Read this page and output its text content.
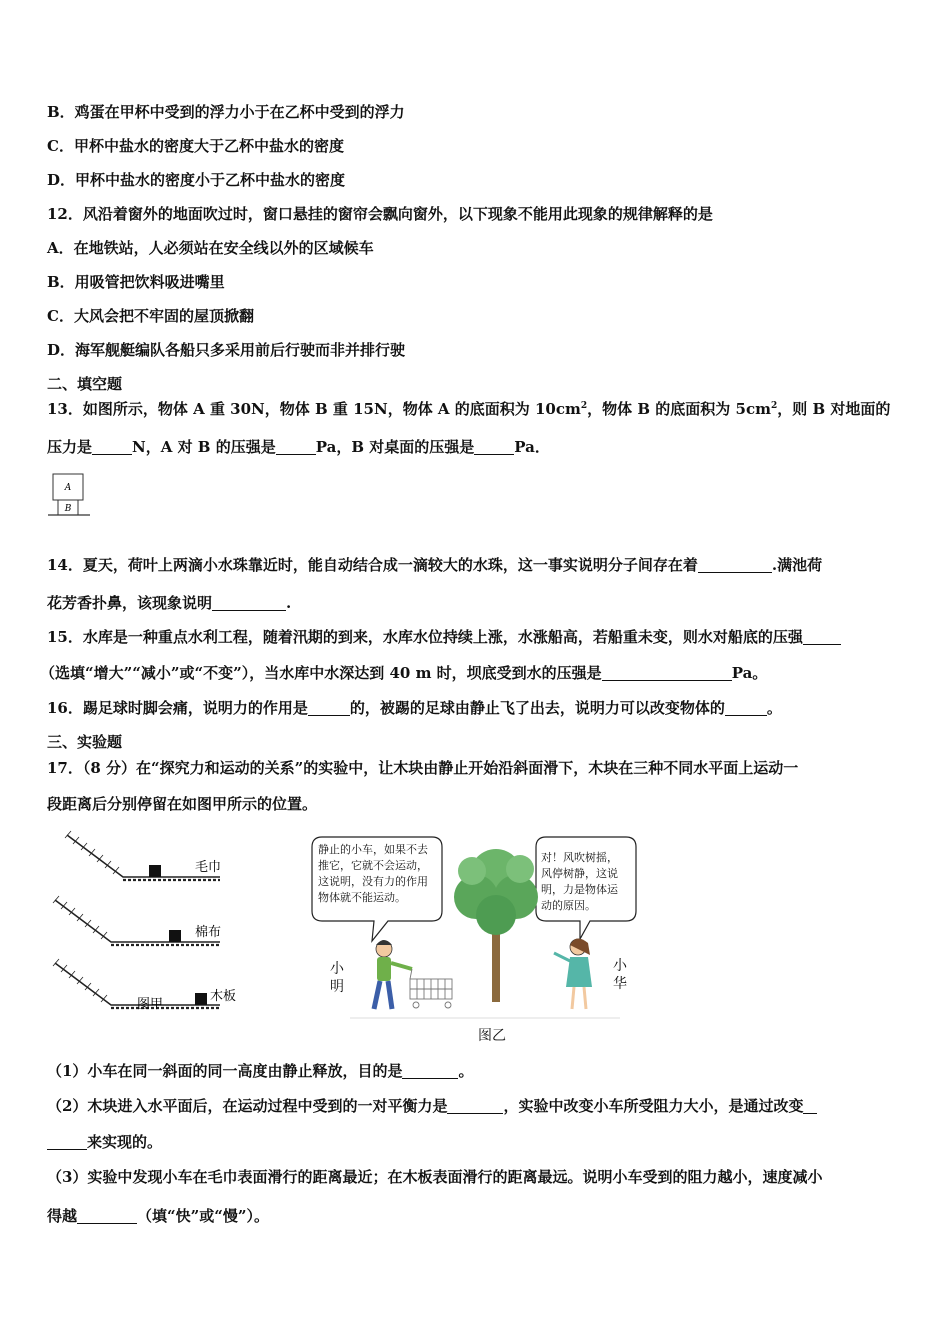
B．鸡蛋在甲杯中受到的浮力小于在乙杯中受到的浮力
C．甲杯中盐水的密度大于乙杯中盐水的密度
D．甲杯中盐水的密度小于乙杯中盐水的密度
12．风沿着窗外的地面吹过时，窗口悬挂的窗帘会飘向窗外，以下现象不能用此现象的规律解释的是
A．在地铁站，人必须站在安全线以外的区域候车
B．用吸管把饮料吸进嘴里
C．大风会把不牢固的屋顶掀翻
D．海军舰艇编队各船只多采用前后行驶而非并排行驶
二、填空题
13．如图所示，物体 A 重 30N，物体 B 重 15N，物体 A 的底面积为 $10cm^2$，物体 B 的底面积为 $5cm^2$，则 B 对地面的
压力是	N，A 对 B 的压强是	Pa，B 对桌面的压强是	Pa．
A
B
14．夏天，荷叶上两滴小水珠靠近时，能自动结合成一滴较大的水珠，这一事实说明分子间存在着	.满池荷
花芳香扑鼻，该现象说明	.
15．水库是一种重点水利工程，随着汛期的到来，水库水位持续上涨，水涨船高，若船重未变，则水对船底的压强
（选填“增大”“减小”或“不变”），当水库中水深达到 40 m 时，坝底受到水的压强是	Pa。
16．踢足球时脚会痛，说明力的作用是	的，被踢的足球由静止飞了出去，说明力可以改变物体的	。
三、实验题
17．（8 分）在“探究力和运动的关系”的实验中，让木块由静止开始沿斜面滑下，木块在三种不同水平面上运动一
段距离后分别停留在如图甲所示的位置。
毛巾
棉布
木板
图甲
静止的小车，如果不去
推它，它就不会运动，
这说明，没有力的作用
物体就不能运动。
对！风吹树摇，
风停树静，这说
明，力是物体运
动的原因。
小
明
小
华
图乙
（1）小车在同一斜面的同一高度由静止释放，目的是	。
（2）木块进入水平面后，在运动过程中受到的一对平衡力是	，实验中改变小车所受阻力大小，是通过改变
来实现的。
（3）实验中发现小车在毛巾表面滑行的距离最近；在木板表面滑行的距离最远。说明小车受到的阻力越小，速度减小
得越	（填“快”或“慢”）。
